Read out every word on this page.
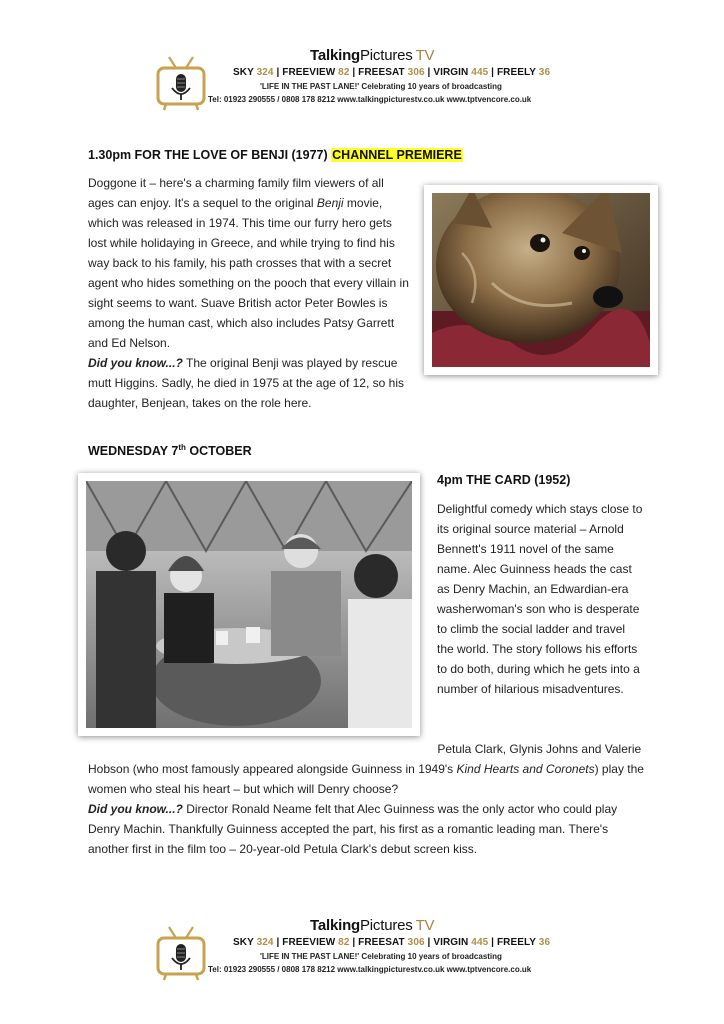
TalkingPictures TV
SKY 324 | FREEVIEW 82 | FREESAT 306 | VIRGIN 445 | FREELY 36
'LIFE IN THE PAST LANE!' Celebrating 10 years of broadcasting
Tel: 01923 290555 / 0808 178 8212 www.talkingpicturestv.co.uk www.tptvencore.co.uk
1.30pm FOR THE LOVE OF BENJI (1977) CHANNEL PREMIERE

Doggone it – here's a charming family film viewers of all ages can enjoy. It's a sequel to the original Benji movie, which was released in 1974. This time our furry hero gets lost while holidaying in Greece, and while trying to find his way back to his family, his path crosses that with a secret agent who hides something on the pooch that every villain in sight seems to want. Suave British actor Peter Bowles is among the human cast, which also includes Patsy Garrett and Ed Nelson.

Did you know...? The original Benji was played by rescue mutt Higgins. Sadly, he died in 1975 at the age of 12, so his daughter, Benjean, takes on the role here.

WEDNESDAY 7th OCTOBER
4pm THE CARD (1952)

Delightful comedy which stays close to its original source material – Arnold Bennett's 1911 novel of the same name. Alec Guinness heads the cast as Denry Machin, an Edwardian-era washerwoman's son who is desperate to climb the social ladder and travel the world. The story follows his efforts to do both, during which he gets into a number of hilarious misadventures.

Petula Clark, Glynis Johns and Valerie Hobson (who most famously appeared alongside Guinness in 1949's Kind Hearts and Coronets) play the women who steal his heart – but which will Denry choose?

Did you know...? Director Ronald Neame felt that Alec Guinness was the only actor who could play Denry Machin. Thankfully Guinness accepted the part, his first as a romantic leading man. There's another first in the film too – 20-year-old Petula Clark's debut screen kiss.

TalkingPictures TV
SKY 324 | FREEVIEW 82 | FREESAT 306 | VIRGIN 445 | FREELY 36
'LIFE IN THE PAST LANE!' Celebrating 10 years of broadcasting
Tel: 01923 290555 / 0808 178 8212 www.talkingpicturestv.co.uk www.tptvencore.co.uk
